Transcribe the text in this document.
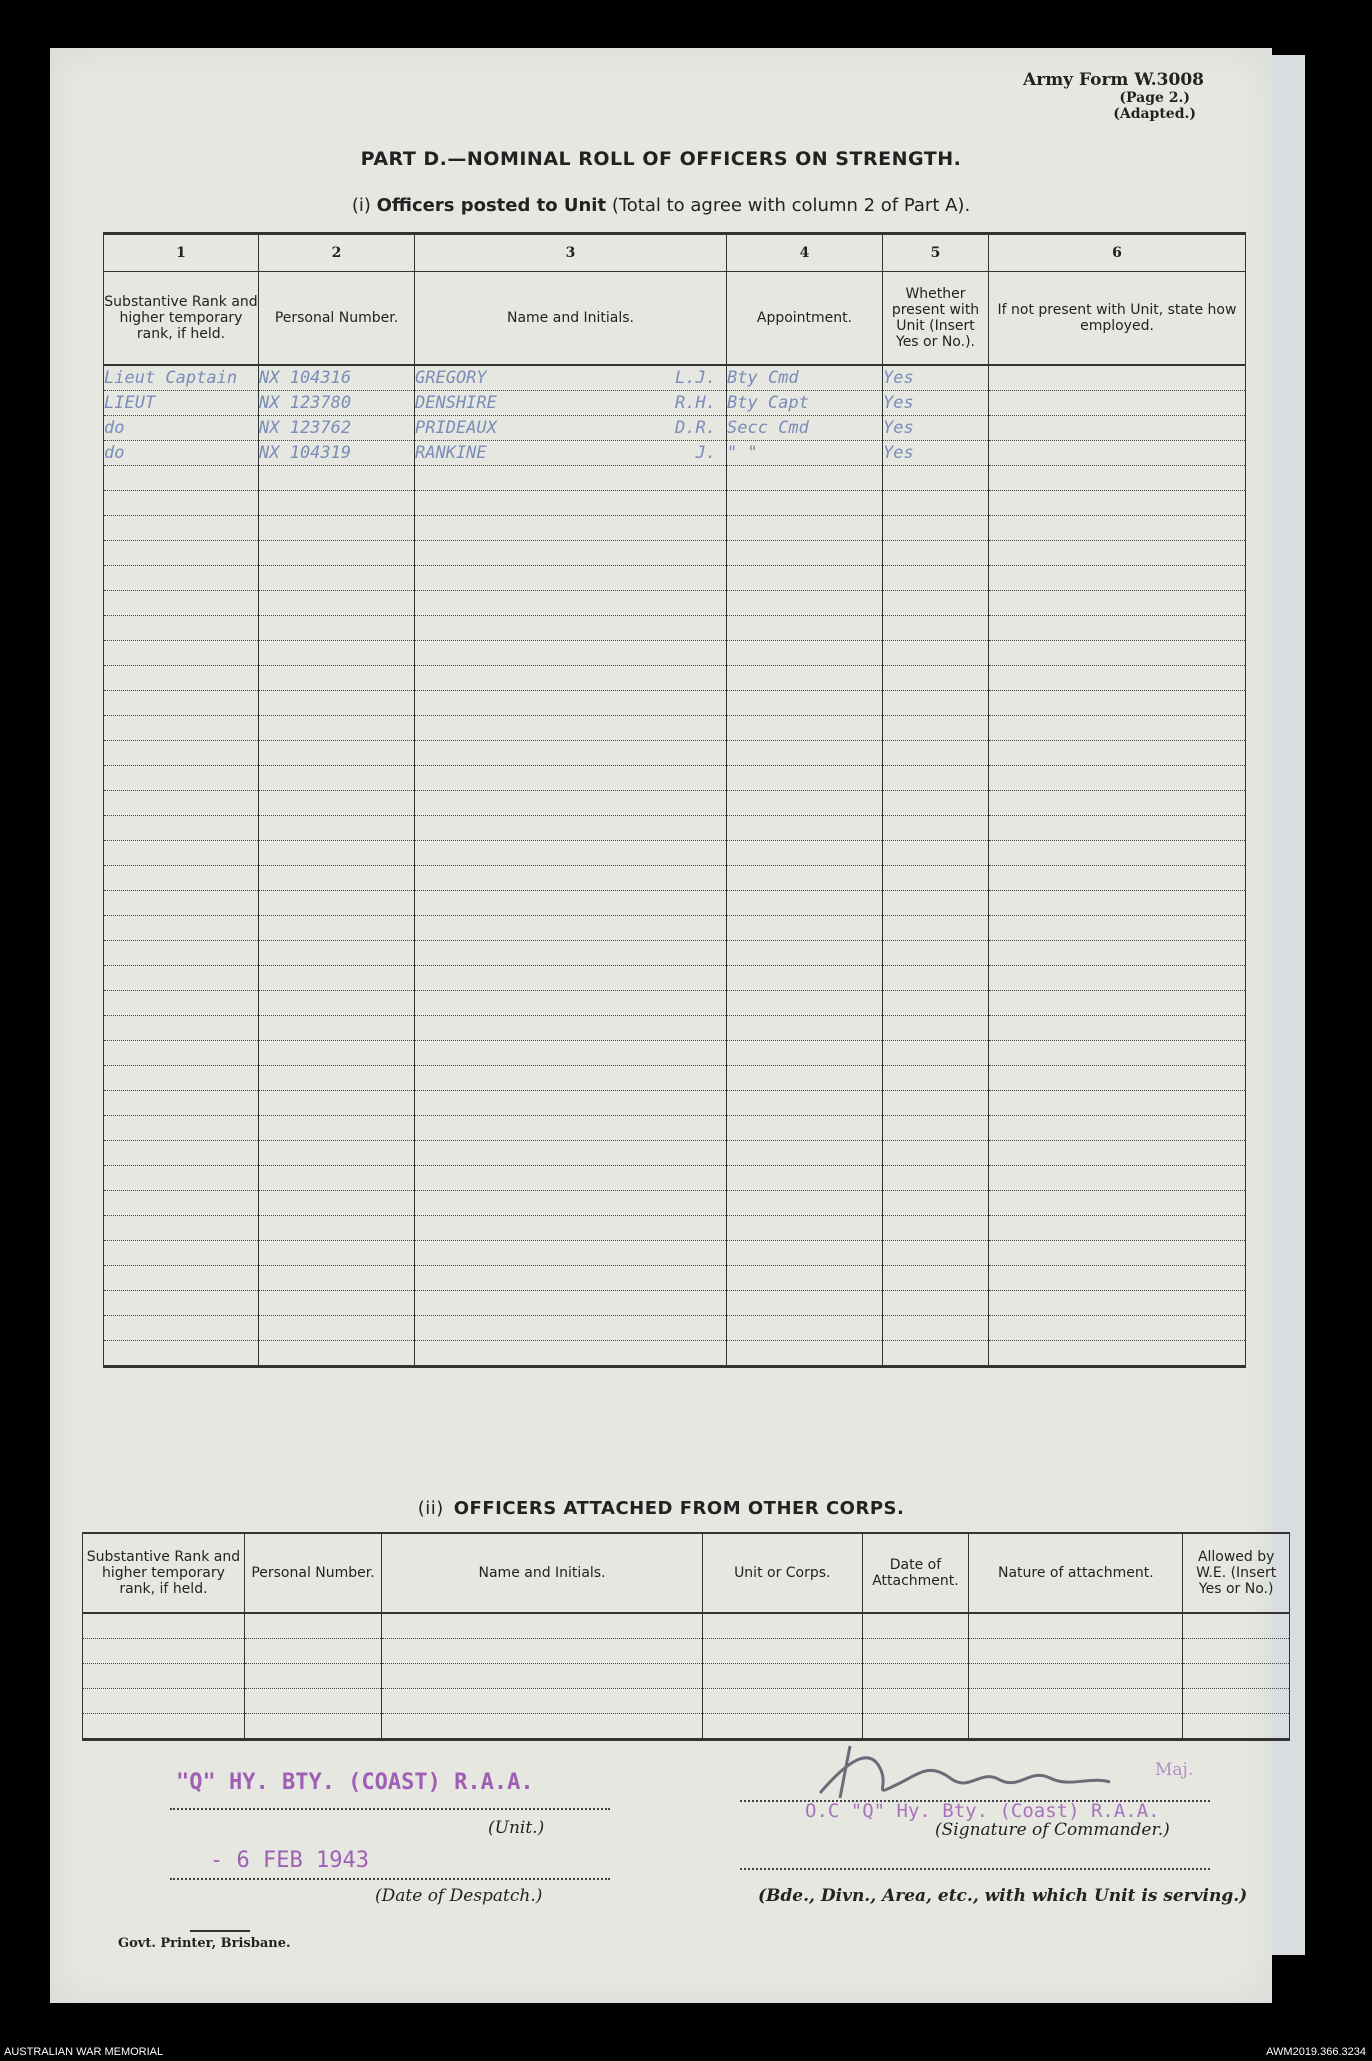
Army Form W.3008
(Page 2.)
(Adapted.)
PART D.—NOMINAL ROLL OF OFFICERS ON STRENGTH.
(i) Officers posted to Unit (Total to agree with column 2 of Part A).
1	2	3	4	5	6
Substantive Rank and higher temporary rank, if held.	Personal Number.	Name and Initials.	Appointment.	Whether present with Unit (Insert Yes or No.).	If not present with Unit, state how employed.
Lieut Captain	NX 104316	GREGORY L.J.	Bty Cmd	Yes	
LIEUT	NX 123780	DENSHIRE R.H.	Bty Capt	Yes	
do	NX 123762	PRIDEAUX D.R.	Secc Cmd	Yes	
do	NX 104319	RANKINE J.	" "	Yes	

(ii) OFFICERS ATTACHED FROM OTHER CORPS.
Substantive Rank and higher temporary rank, if held.	Personal Number.	Name and Initials.	Unit or Corps.	Date of Attachment.	Nature of attachment.	Allowed by W.E. (Insert Yes or No.)

"Q" HY. BTY. (COAST) R.A.A.
(Unit.)
- 6 FEB 1943
(Date of Despatch.)
Maj.
O.C "Q" Hy. Bty. (Coast) R.A.A.
(Signature of Commander.)
(Bde., Divn., Area, etc., with which Unit is serving.)
Govt. Printer, Brisbane.
AUSTRALIAN WAR MEMORIAL	AWM2019.366.3234
